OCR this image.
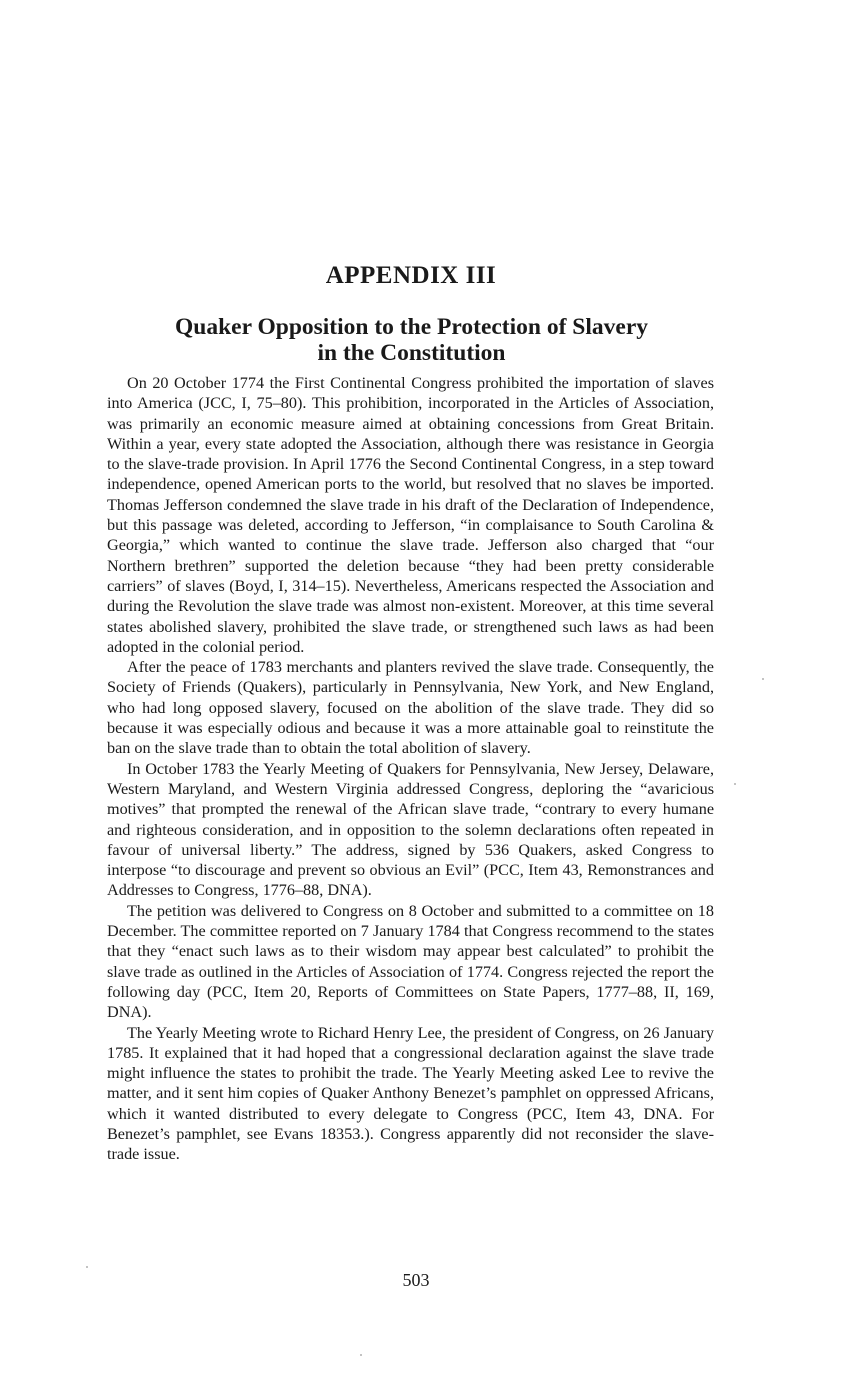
APPENDIX III
Quaker Opposition to the Protection of Slavery
in the Constitution

On 20 October 1774 the First Continental Congress prohibited the importation of slaves into America (JCC, I, 75–80). This prohibition, incorporated in the Articles of Association, was primarily an economic measure aimed at obtaining concessions from Great Britain. Within a year, every state adopted the Association, although there was resistance in Georgia to the slave-trade provision. In April 1776 the Second Continental Congress, in a step toward independence, opened American ports to the world, but resolved that no slaves be imported. Thomas Jefferson condemned the slave trade in his draft of the Declaration of Independence, but this passage was deleted, according to Jefferson, “in complaisance to South Carolina & Georgia,” which wanted to continue the slave trade. Jefferson also charged that “our Northern brethren” supported the deletion because “they had been pretty considerable carriers” of slaves (Boyd, I, 314–15). Nevertheless, Americans respected the Association and during the Revolution the slave trade was almost non-existent. Moreover, at this time several states abolished slavery, prohibited the slave trade, or strengthened such laws as had been adopted in the colonial period.

After the peace of 1783 merchants and planters revived the slave trade. Consequently, the Society of Friends (Quakers), particularly in Pennsylvania, New York, and New England, who had long opposed slavery, focused on the abolition of the slave trade. They did so because it was especially odious and because it was a more attainable goal to reinstitute the ban on the slave trade than to obtain the total abolition of slavery.

In October 1783 the Yearly Meeting of Quakers for Pennsylvania, New Jersey, Delaware, Western Maryland, and Western Virginia addressed Congress, deploring the “avaricious motives” that prompted the renewal of the African slave trade, “contrary to every humane and righteous consideration, and in opposition to the solemn declarations often repeated in favour of universal liberty.” The address, signed by 536 Quakers, asked Congress to interpose “to discourage and prevent so obvious an Evil” (PCC, Item 43, Remonstrances and Addresses to Congress, 1776–88, DNA).

The petition was delivered to Congress on 8 October and submitted to a committee on 18 December. The committee reported on 7 January 1784 that Congress recommend to the states that they “enact such laws as to their wisdom may appear best calculated” to prohibit the slave trade as outlined in the Articles of Association of 1774. Congress rejected the report the following day (PCC, Item 20, Reports of Committees on State Papers, 1777–88, II, 169, DNA).

The Yearly Meeting wrote to Richard Henry Lee, the president of Congress, on 26 January 1785. It explained that it had hoped that a congressional declaration against the slave trade might influence the states to prohibit the trade. The Yearly Meeting asked Lee to revive the matter, and it sent him copies of Quaker Anthony Benezet’s pamphlet on oppressed Africans, which it wanted distributed to every delegate to Congress (PCC, Item 43, DNA. For Benezet’s pamphlet, see Evans 18353.). Congress apparently did not reconsider the slave-trade issue.

503
